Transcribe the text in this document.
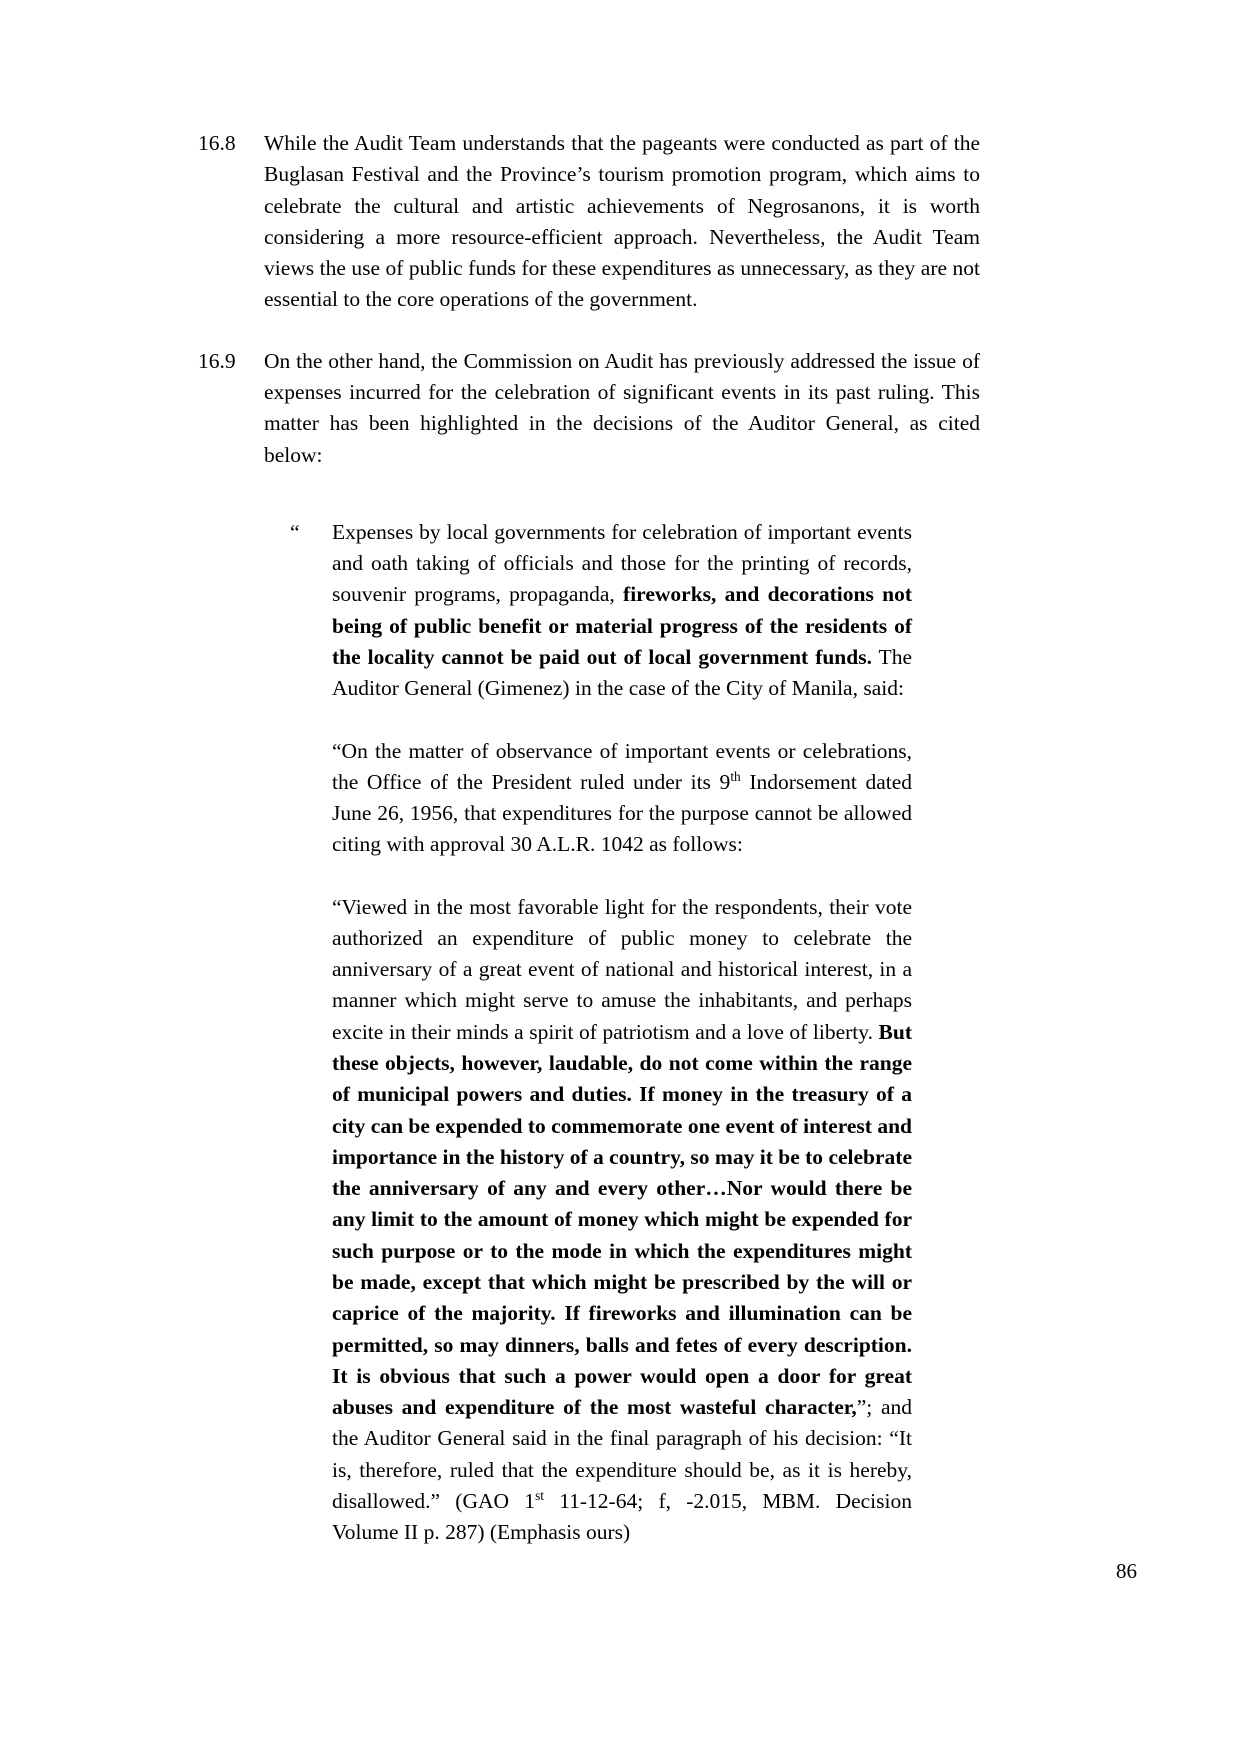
16.8	While the Audit Team understands that the pageants were conducted as part of the Buglasan Festival and the Province’s tourism promotion program, which aims to celebrate the cultural and artistic achievements of Negrosanons, it is worth considering a more resource-efficient approach. Nevertheless, the Audit Team views the use of public funds for these expenditures as unnecessary, as they are not essential to the core operations of the government.
16.9	On the other hand, the Commission on Audit has previously addressed the issue of expenses incurred for the celebration of significant events in its past ruling. This matter has been highlighted in the decisions of the Auditor General, as cited below:
“	Expenses by local governments for celebration of important events and oath taking of officials and those for the printing of records, souvenir programs, propaganda, fireworks, and decorations not being of public benefit or material progress of the residents of the locality cannot be paid out of local government funds. The Auditor General (Gimenez) in the case of the City of Manila, said:
“On the matter of observance of important events or celebrations, the Office of the President ruled under its 9th Indorsement dated June 26, 1956, that expenditures for the purpose cannot be allowed citing with approval 30 A.L.R. 1042 as follows:
“Viewed in the most favorable light for the respondents, their vote authorized an expenditure of public money to celebrate the anniversary of a great event of national and historical interest, in a manner which might serve to amuse the inhabitants, and perhaps excite in their minds a spirit of patriotism and a love of liberty. But these objects, however, laudable, do not come within the range of municipal powers and duties. If money in the treasury of a city can be expended to commemorate one event of interest and importance in the history of a country, so may it be to celebrate the anniversary of any and every other…Nor would there be any limit to the amount of money which might be expended for such purpose or to the mode in which the expenditures might be made, except that which might be prescribed by the will or caprice of the majority. If fireworks and illumination can be permitted, so may dinners, balls and fetes of every description. It is obvious that such a power would open a door for great abuses and expenditure of the most wasteful character,”; and the Auditor General said in the final paragraph of his decision: “It is, therefore, ruled that the expenditure should be, as it is hereby, disallowed.” (GAO 1st 11-12-64; f, -2.015, MBM. Decision Volume II p. 287) (Emphasis ours)
86
